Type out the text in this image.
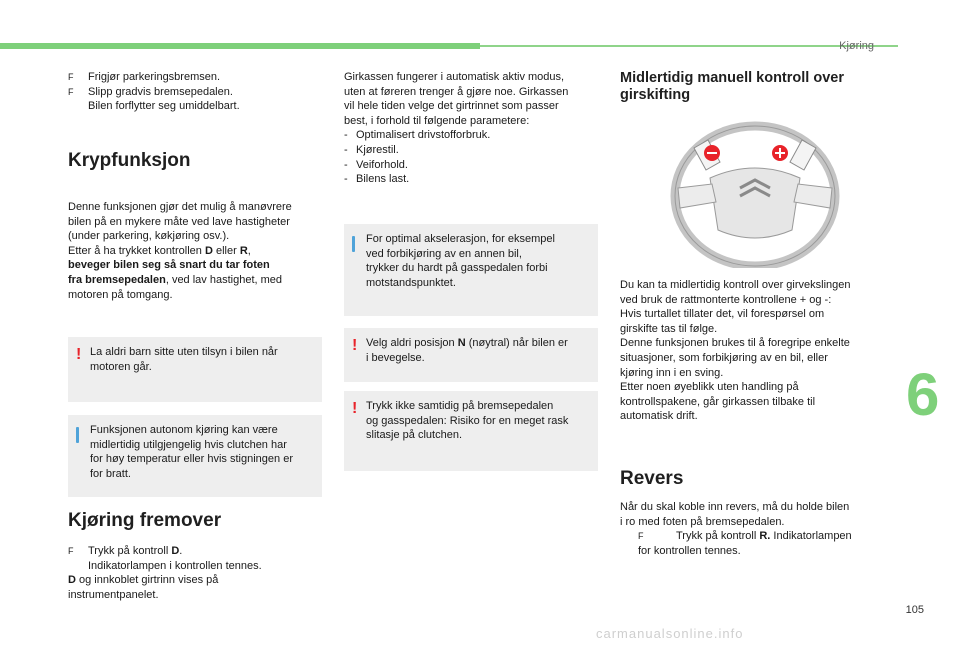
Kjøring
6
105
F	Frigjør parkeringsbremsen.
F	Slipp gradvis bremsepedalen.
Bilen forflytter seg umiddelbart.
Krypfunksjon

Denne funksjonen gjør det mulig å manøvrere

bilen på en mykere måte ved lave hastigheter

(under parkering, køkjøring osv.).

Etter å ha trykket kontrollen D eller R,

beveger bilen seg så snart du tar foten

fra bremsepedalen, ved lav hastighet, med

motoren på tomgang.

! La aldri barn sitte uten tilsyn i bilen når

motoren går.

Funksjonen autonom kjøring kan være

midlertidig utilgjengelig hvis clutchen har

for høy temperatur eller hvis stigningen er

for bratt.

Kjøring fremover
F	Trykk på kontroll D.
Indikatorlampen i kontrollen tennes.

D og innkoblet girtrinn vises på

instrumentpanelet.

Girkassen fungerer i automatisk aktiv modus,

uten at føreren trenger å gjøre noe. Girkassen

vil hele tiden velge det girtrinnet som passer

best, i forhold til følgende parametere:

- Optimalisert drivstofforbruk.
- Kjørestil.
- Veiforhold.
- Bilens last.

For optimal akselerasjon, for eksempel

ved forbikjøring av en annen bil,

trykker du hardt på gasspedalen forbi

motstandspunktet.

! Velg aldri posisjon N (nøytral) når bilen er

i bevegelse.

! Trykk ikke samtidig på bremsepedalen

og gasspedalen: Risiko for en meget rask

slitasje på clutchen.

Midlertidig manuell kontroll over
girskifting

Du kan ta midlertidig kontroll over girvekslingen

ved bruk de rattmonterte kontrollene + og -:

Hvis turtallet tillater det, vil forespørsel om

girskifte tas til følge.

Denne funksjonen brukes til å foregripe enkelte

situasjoner, som forbikjøring av en bil, eller

kjøring inn i en sving.

Etter noen øyeblikk uten handling på

kontrollspakene, går girkassen tilbake til

automatisk drift.

Revers

Når du skal koble inn revers, må du holde bilen

i ro med foten på bremsepedalen.

F	Trykk på kontroll R. Indikatorlampen
for kontrollen tennes.
carmanualsonline.info
